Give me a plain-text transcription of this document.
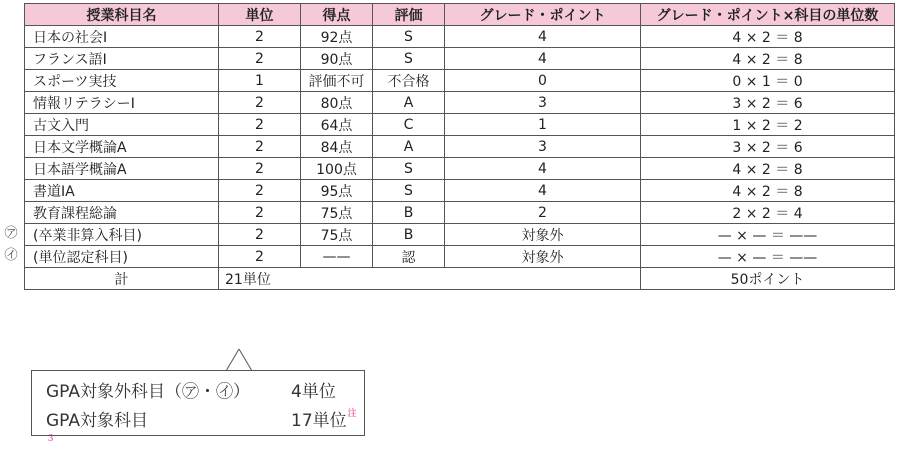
授業科目名	単位	得点	評価	グレード・ポイント	グレード・ポイント×科目の単位数
日本の社会Ⅰ	2	92点	S	4	4 × 2 ＝ 8
フランス語Ⅰ	2	90点	S	4	4 × 2 ＝ 8
スポーツ実技	1	評価不可	不合格	0	0 × 1 ＝ 0
情報リテラシーⅠ	2	80点	A	3	3 × 2 ＝ 6
古文入門	2	64点	C	1	1 × 2 ＝ 2
日本文学概論A	2	84点	A	3	3 × 2 ＝ 6
日本語学概論A	2	100点	S	4	4 × 2 ＝ 8
書道ⅠA	2	95点	S	4	4 × 2 ＝ 8
教育課程総論	2	75点	B	2	2 × 2 ＝ 4
(卒業非算入科目)	2	75点	B	対象外	— × — ＝ ——
(単位認定科目)	2	——	認	対象外	— × — ＝ ——
計	21単位				50ポイント
㋐
㋑
GPA対象外科目（㋐・㋑） 4単位
GPA対象科目	17単位$^{注3}$
